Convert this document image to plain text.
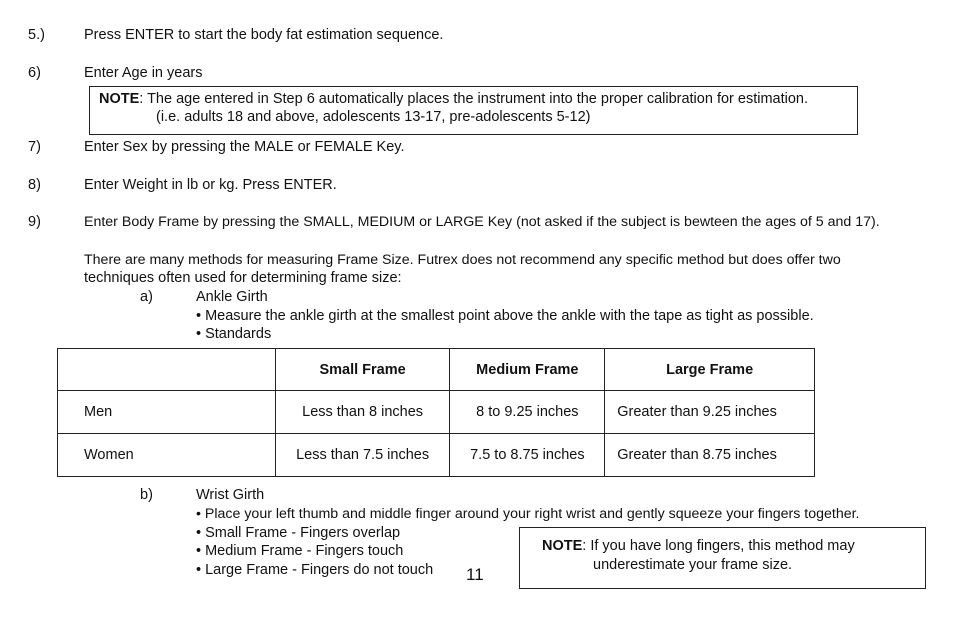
5.)	Press ENTER to start the body fat estimation sequence.
6)	Enter Age in years
NOTE: The age entered in Step 6 automatically places the instrument into the proper calibration for estimation.
(i.e. adults 18 and above, adolescents 13-17, pre-adolescents 5-12)
7)	Enter Sex by pressing the MALE or FEMALE Key.
8)	Enter Weight in lb or kg. Press ENTER.
9)	Enter Body Frame by pressing the SMALL, MEDIUM or LARGE Key (not asked if the subject is bewteen the ages of 5 and 17).
There are many methods for measuring Frame Size. Futrex does not recommend any specific method but does offer two
techniques often used for determining frame size:
a)	Ankle Girth
• Measure the ankle girth at the smallest point above the ankle with the tape as tight as possible.
• Standards
	Small Frame	Medium Frame	Large Frame
Men	Less than 8 inches	8 to 9.25 inches	Greater than 9.25 inches
Women	Less than 7.5 inches	7.5 to 8.75 inches	Greater than 8.75 inches
b)	Wrist Girth
• Place your left thumb and middle finger around your right wrist and gently squeeze your fingers together.
• Small Frame - Fingers overlap
• Medium Frame - Fingers touch
• Large Frame - Fingers do not touch 11
NOTE: If you have long fingers, this method may
underestimate your frame size.
